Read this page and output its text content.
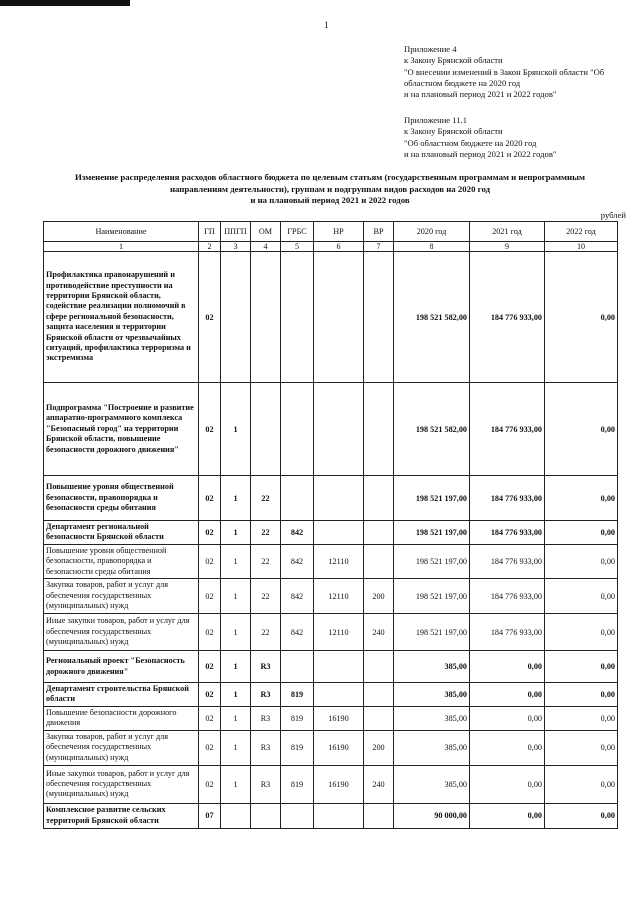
1
Приложение 4
к Закону Брянской области
"О внесении изменений в Закон Брянской области "Об
областном бюджете на 2020 год
и на плановый период 2021 и 2022 годов"
Приложение 11.1
к Закону Брянской области
"Об областном бюджете на 2020 год
и на плановый период 2021 и 2022 годов"
Изменение распределения расходов областного бюджета по целевым статьям (государственным программам и непрограммным
направлениям деятельности), группам и подгруппам видов расходов на 2020 год
и на плановый период 2021 и 2022 годов
рублей
Наименование	ГП	ППГП	ОМ	ГРБС	НР	ВР	2020 год	2021 год	2022 год
1	2	3	4	5	6	7	8	9	10
Профилактика правонарушений и противодействие преступности на территории Брянской области, содействие реализации полномочий в сфере региональной безопасности, защита населения и территории Брянской области от чрезвычайных ситуаций, профилактика терроризма и экстремизма	02						198 521 582,00	184 776 933,00	0,00
Подпрограмма "Построение и развитие аппаратно-программного комплекса "Безопасный город" на территории Брянской области, повышение безопасности дорожного движения"	02	1					198 521 582,00	184 776 933,00	0,00
Повышение уровня общественной безопасности, правопорядка и безопасности среды обитания	02	1	22				198 521 197,00	184 776 933,00	0,00
Департамент региональной безопасности Брянской области	02	1	22	842			198 521 197,00	184 776 933,00	0,00
Повышение уровня общественной безопасности, правопорядка и безопасности среды обитания	02	1	22	842	12110		198 521 197,00	184 776 933,00	0,00
Закупка товаров, работ и услуг для обеспечения государственных (муниципальных) нужд	02	1	22	842	12110	200	198 521 197,00	184 776 933,00	0,00
Иные закупки товаров, работ и услуг для обеспечения государственных (муниципальных) нужд	02	1	22	842	12110	240	198 521 197,00	184 776 933,00	0,00
Региональный проект "Безопасность дорожного движения"	02	1	R3				385,00	0,00	0,00
Департамент строительства Брянской области	02	1	R3	819			385,00	0,00	0,00
Повышение безопасности дорожного движения	02	1	R3	819	16190		385,00	0,00	0,00
Закупка товаров, работ и услуг для обеспечения государственных (муниципальных) нужд	02	1	R3	819	16190	200	385,00	0,00	0,00
Иные закупки товаров, работ и услуг для обеспечения государственных (муниципальных) нужд	02	1	R3	819	16190	240	385,00	0,00	0,00
Комплексное развитие сельских территорий Брянской области	07						90 000,00	0,00	0,00
